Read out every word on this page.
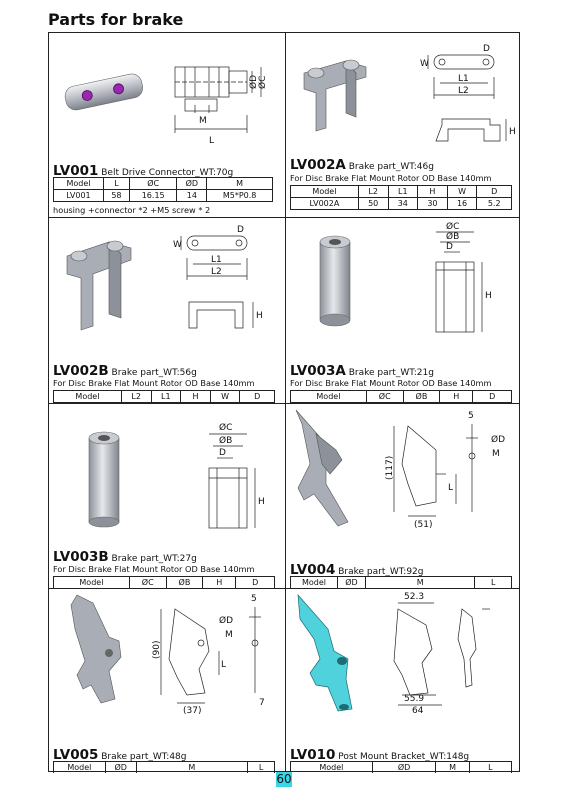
Parts for brake
ØD ØC
M
L
LV001 Belt Drive Connector_WT:70g
Model	L	ØC	ØD	M
LV001	58	16.15	14	M5*P0.8
housing +connector *2 +M5 screw * 2
D
W
L1
L2
H
LV002A Brake part_WT:46g
For Disc Brake Flat Mount Rotor OD Base 140mm
Model	L2	L1	H	W	D
LV002A	50	34	30	16	5.2
D
W
L1
L2
H
LV002B Brake part_WT:56g
For Disc Brake Flat Mount Rotor OD Base 140mm
Model	L2	L1	H	W	D

ØC
ØB
D
H
LV003A Brake part_WT:21g
For Disc Brake Flat Mount Rotor OD Base 140mm
Model	ØC	ØB	H	D

ØC
ØB
D
H
LV003B Brake part_WT:27g
For Disc Brake Flat Mount Rotor OD Base 140mm
Model	ØC	ØB	H	D

5
ØD
M
(117)
L
(51)
LV004 Brake part_WT:92g
Model	ØD	M	L

5
ØD
M
(90)
L
(37)
7
LV005 Brake part_WT:48g
Model	ØD	M	L

52.3
55.9
64
LV010 Post Mount Bracket_WT:148g
Model	ØD	M	L

60
